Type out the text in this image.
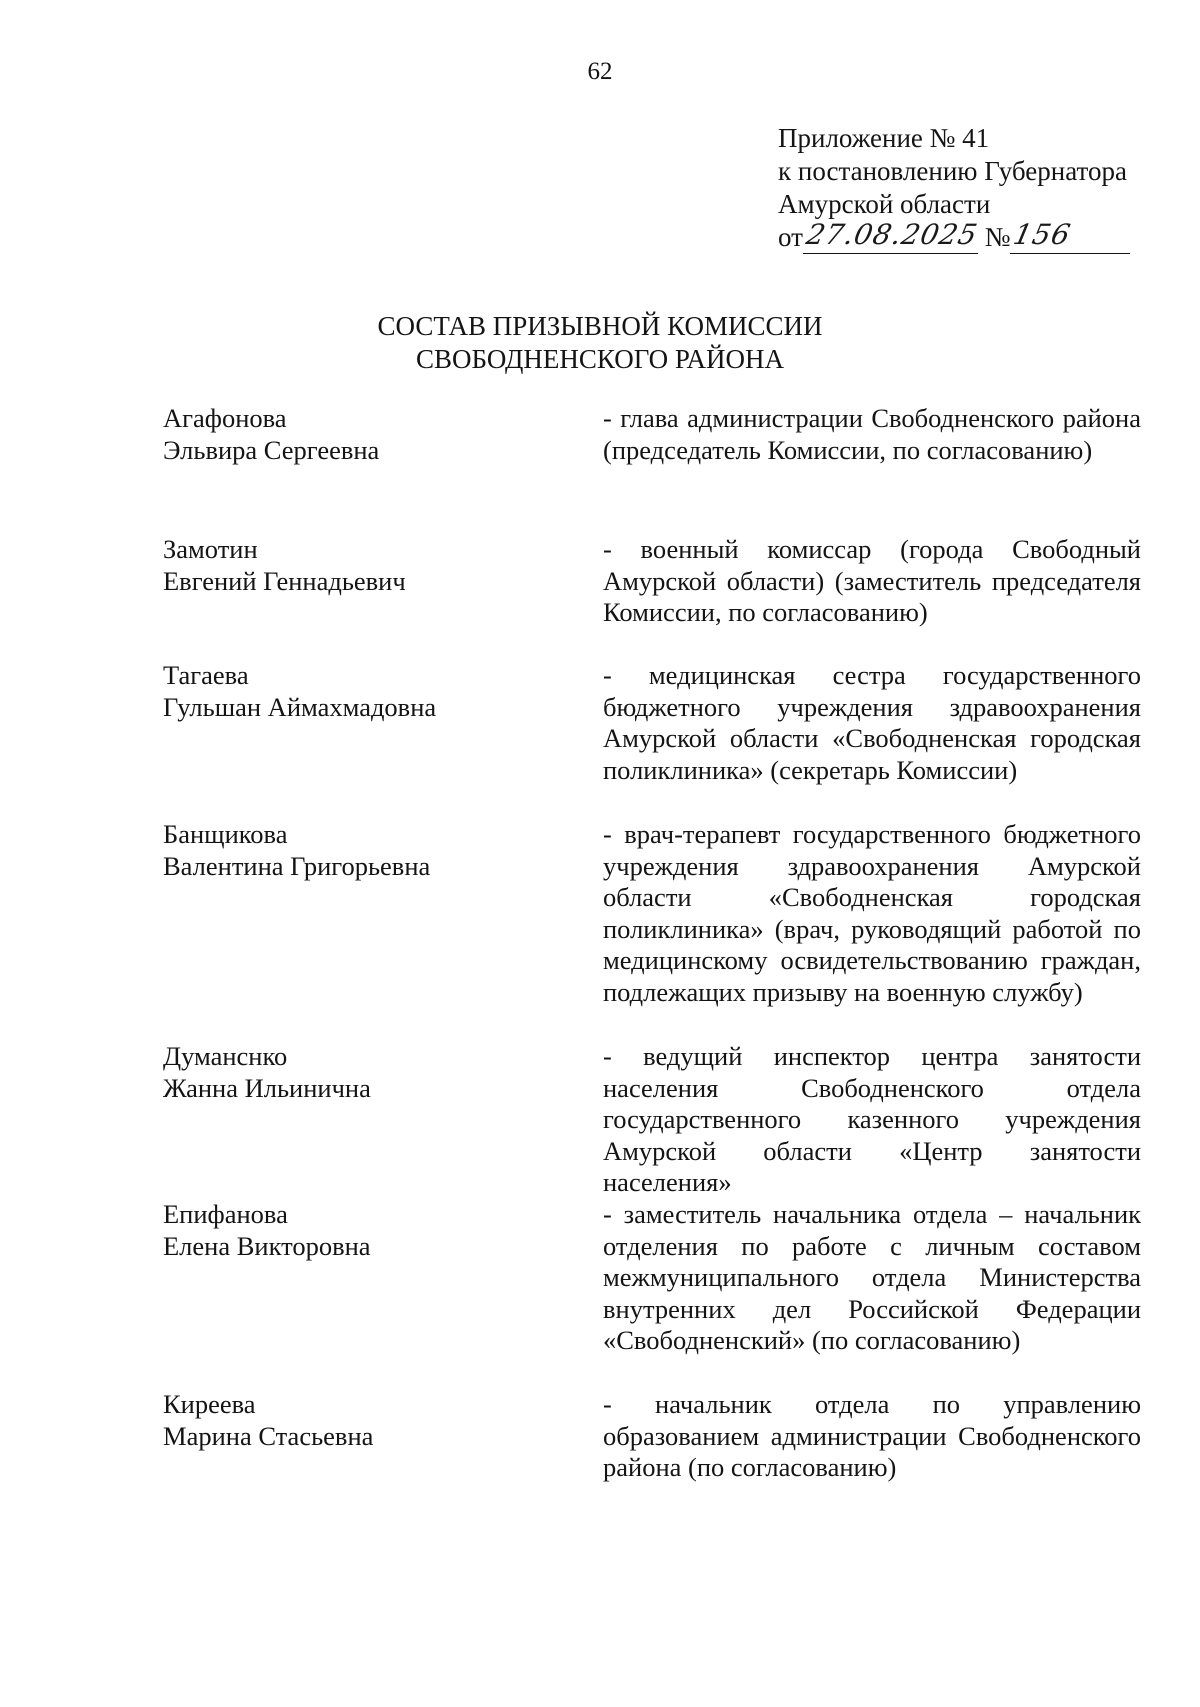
62
Приложение № 41
к постановлению Губернатора
Амурской области
от 27.08.2025 № 156
СОСТАВ ПРИЗЫВНОЙ КОМИССИИ
СВОБОДНЕНСКОГО РАЙОНА
Агафонова
Эльвира Сергеевна
- глава администрации Свободненского района (председатель Комиссии, по согласованию)
Замотин
Евгений Геннадьевич
- военный комиссар (города Свободный Амурской области) (заместитель председателя Комиссии, по согласованию)
Тагаева
Гульшан Аймахмадовна
- медицинская сестра государственного бюджетного учреждения здравоохранения Амурской области «Свободненская городская поликлиника» (секретарь Комиссии)
Банщикова
Валентина Григорьевна
- врач-терапевт государственного бюджетного учреждения здравоохранения Амурской области «Свободненская городская поликлиника» (врач, руководящий работой по медицинскому освидетельствованию граждан, подлежащих призыву на военную службу)
Думанснко
Жанна Ильинична
- ведущий инспектор центра занятости населения Свободненского отдела государственного казенного учреждения Амурской области «Центр занятости населения»
Епифанова
Елена Викторовна
- заместитель начальника отдела – начальник отделения по работе с личным составом межмуниципального отдела Министерства внутренних дел Российской Федерации «Свободненский» (по согласованию)
Киреева
Марина Стасьевна
- начальник отдела по управлению образованием администрации Свободненского района (по согласованию)
